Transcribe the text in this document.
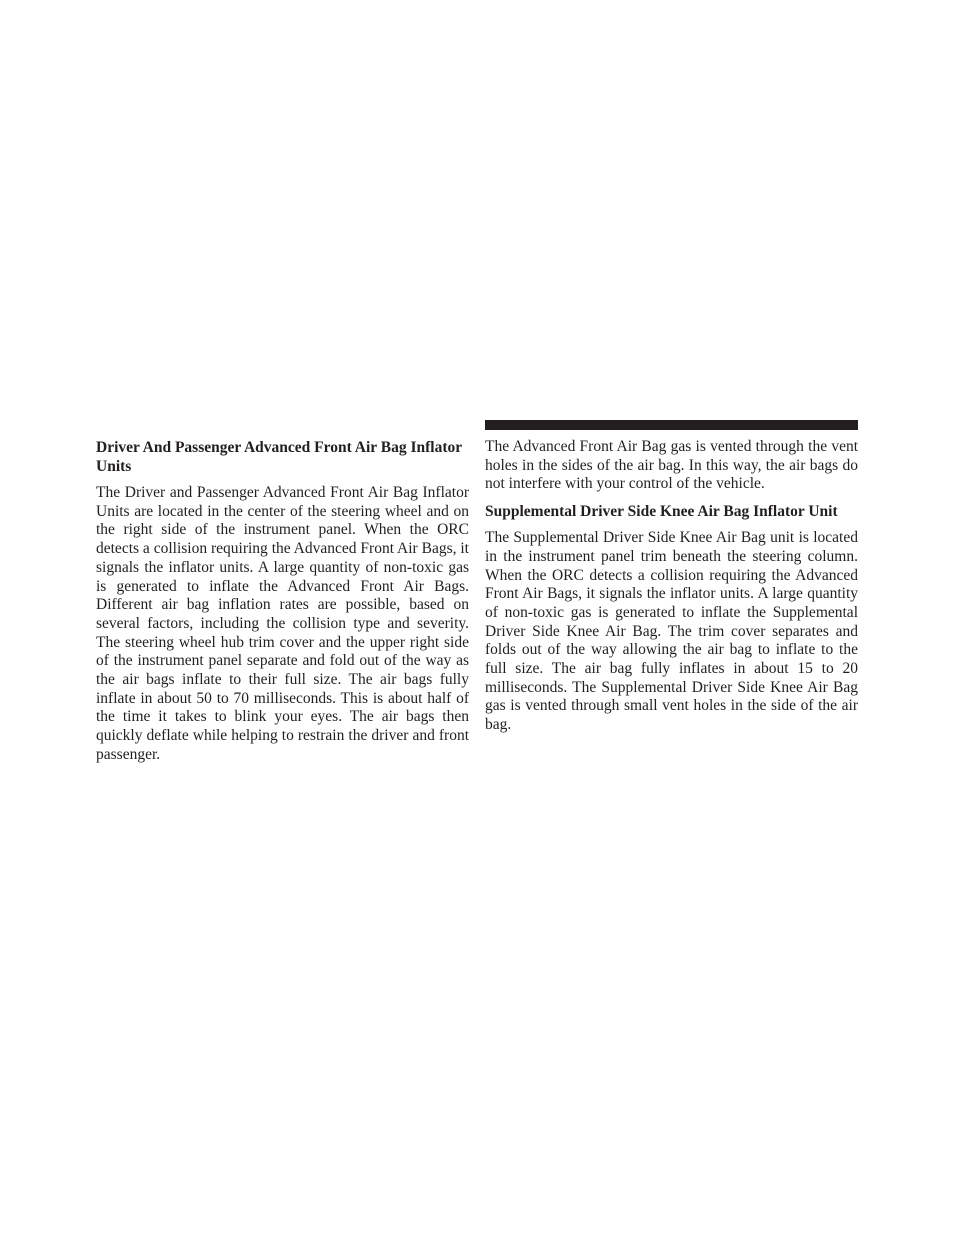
Driver And Passenger Advanced Front Air Bag Inflator Units

The Driver and Passenger Advanced Front Air Bag Inflator Units are located in the center of the steering wheel and on the right side of the instrument panel. When the ORC detects a collision requiring the Advanced Front Air Bags, it signals the inflator units. A large quantity of non-toxic gas is generated to inflate the Advanced Front Air Bags. Different air bag inflation rates are possible, based on several factors, including the collision type and severity. The steering wheel hub trim cover and the upper right side of the instrument panel separate and fold out of the way as the air bags inflate to their full size. The air bags fully inflate in about 50 to 70 milliseconds. This is about half of the time it takes to blink your eyes. The air bags then quickly deflate while helping to restrain the driver and front passenger.

The Advanced Front Air Bag gas is vented through the vent holes in the sides of the air bag. In this way, the air bags do not interfere with your control of the vehicle.

Supplemental Driver Side Knee Air Bag Inflator Unit

The Supplemental Driver Side Knee Air Bag unit is located in the instrument panel trim beneath the steering column. When the ORC detects a collision requiring the Advanced Front Air Bags, it signals the inflator units. A large quantity of non-toxic gas is generated to inflate the Supplemental Driver Side Knee Air Bag. The trim cover separates and folds out of the way allowing the air bag to inflate to the full size. The air bag fully inflates in about 15 to 20 milliseconds. The Supplemental Driver Side Knee Air Bag gas is vented through small vent holes in the side of the air bag.
